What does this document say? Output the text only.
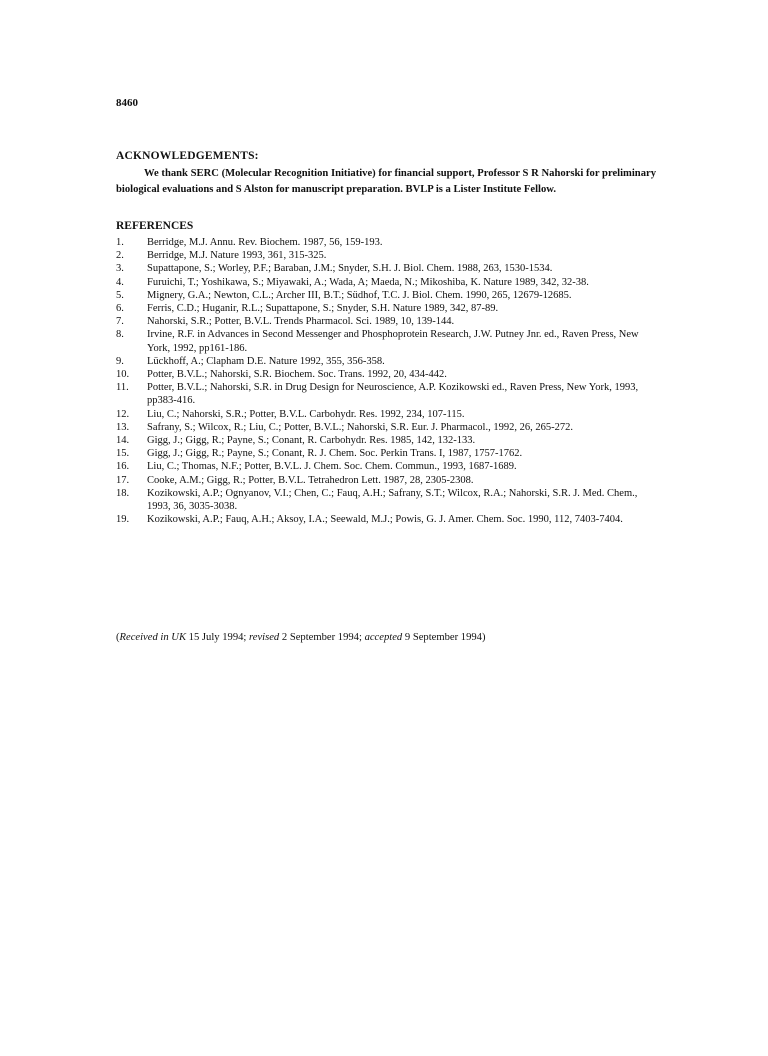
8460
ACKNOWLEDGEMENTS:

We thank SERC (Molecular Recognition Initiative) for financial support, Professor S R Nahorski for preliminary biological evaluations and S Alston for manuscript preparation. BVLP is a Lister Institute Fellow.

REFERENCES
1.	Berridge, M.J. Annu. Rev. Biochem. 1987, 56, 159-193.
2.	Berridge, M.J. Nature 1993, 361, 315-325.
3.	Supattapone, S.; Worley, P.F.; Baraban, J.M.; Snyder, S.H. J. Biol. Chem. 1988, 263, 1530-1534.
4.	Furuichi, T.; Yoshikawa, S.; Miyawaki, A.; Wada, A; Maeda, N.; Mikoshiba, K. Nature 1989, 342, 32-38.
5.	Mignery, G.A.; Newton, C.L.; Archer III, B.T.; Südhof, T.C. J. Biol. Chem. 1990, 265, 12679-12685.
6.	Ferris, C.D.; Huganir, R.L.; Supattapone, S.; Snyder, S.H. Nature 1989, 342, 87-89.
7.	Nahorski, S.R.; Potter, B.V.L. Trends Pharmacol. Sci. 1989, 10, 139-144.
8.	Irvine, R.F. in Advances in Second Messenger and Phosphoprotein Research, J.W. Putney Jnr. ed., Raven Press, New York, 1992, pp161-186.
9.	Lückhoff, A.; Clapham D.E. Nature 1992, 355, 356-358.
10.	Potter, B.V.L.; Nahorski, S.R. Biochem. Soc. Trans. 1992, 20, 434-442.
11.	Potter, B.V.L.; Nahorski, S.R. in Drug Design for Neuroscience, A.P. Kozikowski ed., Raven Press, New York, 1993, pp383-416.
12.	Liu, C.; Nahorski, S.R.; Potter, B.V.L. Carbohydr. Res. 1992, 234, 107-115.
13.	Safrany, S.; Wilcox, R.; Liu, C.; Potter, B.V.L.; Nahorski, S.R. Eur. J. Pharmacol., 1992, 26, 265-272.
14.	Gigg, J.; Gigg, R.; Payne, S.; Conant, R. Carbohydr. Res. 1985, 142, 132-133.
15.	Gigg, J.; Gigg, R.; Payne, S.; Conant, R. J. Chem. Soc. Perkin Trans. I, 1987, 1757-1762.
16.	Liu, C.; Thomas, N.F.; Potter, B.V.L. J. Chem. Soc. Chem. Commun., 1993, 1687-1689.
17.	Cooke, A.M.; Gigg, R.; Potter, B.V.L. Tetrahedron Lett. 1987, 28, 2305-2308.
18.	Kozikowski, A.P.; Ognyanov, V.I.; Chen, C.; Fauq, A.H.; Safrany, S.T.; Wilcox, R.A.; Nahorski, S.R. J. Med. Chem., 1993, 36, 3035-3038.
19.	Kozikowski, A.P.; Fauq, A.H.; Aksoy, I.A.; Seewald, M.J.; Powis, G. J. Amer. Chem. Soc. 1990, 112, 7403-7404.
(Received in UK 15 July 1994; revised 2 September 1994; accepted 9 September 1994)
